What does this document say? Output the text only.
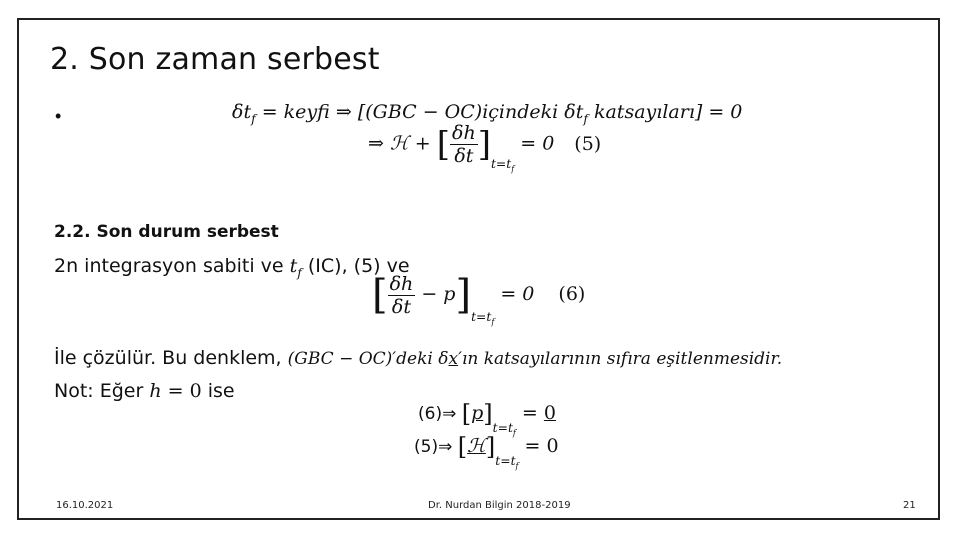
2. Son zaman serbest
•	$\delta t_f$ = keyfi ⇒ [(GBC − OC)içindeki $\delta t_f$ katsayıları] = 0
⇒ ℋ + [ $\frac{\delta h}{\delta t} ]_{t=t_f} = 0$ (5)
2.2. Son durum serbest
2n integrasyon sabiti ve $t_f$ (IC), (5) ve
[ $\frac{\delta h}{\delta t} - p]_{t=t_f} = 0$ (6)
İle çözülür. Bu denklem, (GBC − OC)′deki δx′ın katsayılarının sıfıra eşitlenmesidir.
Not: Eğer h = 0 ise
(6)⇒ $[p]_{t=t_f} = 0$
(5)⇒ $[ℋ]_{t=t_f} = 0$
16.10.2021	Dr. Nurdan Bilgin 2018-2019	21
